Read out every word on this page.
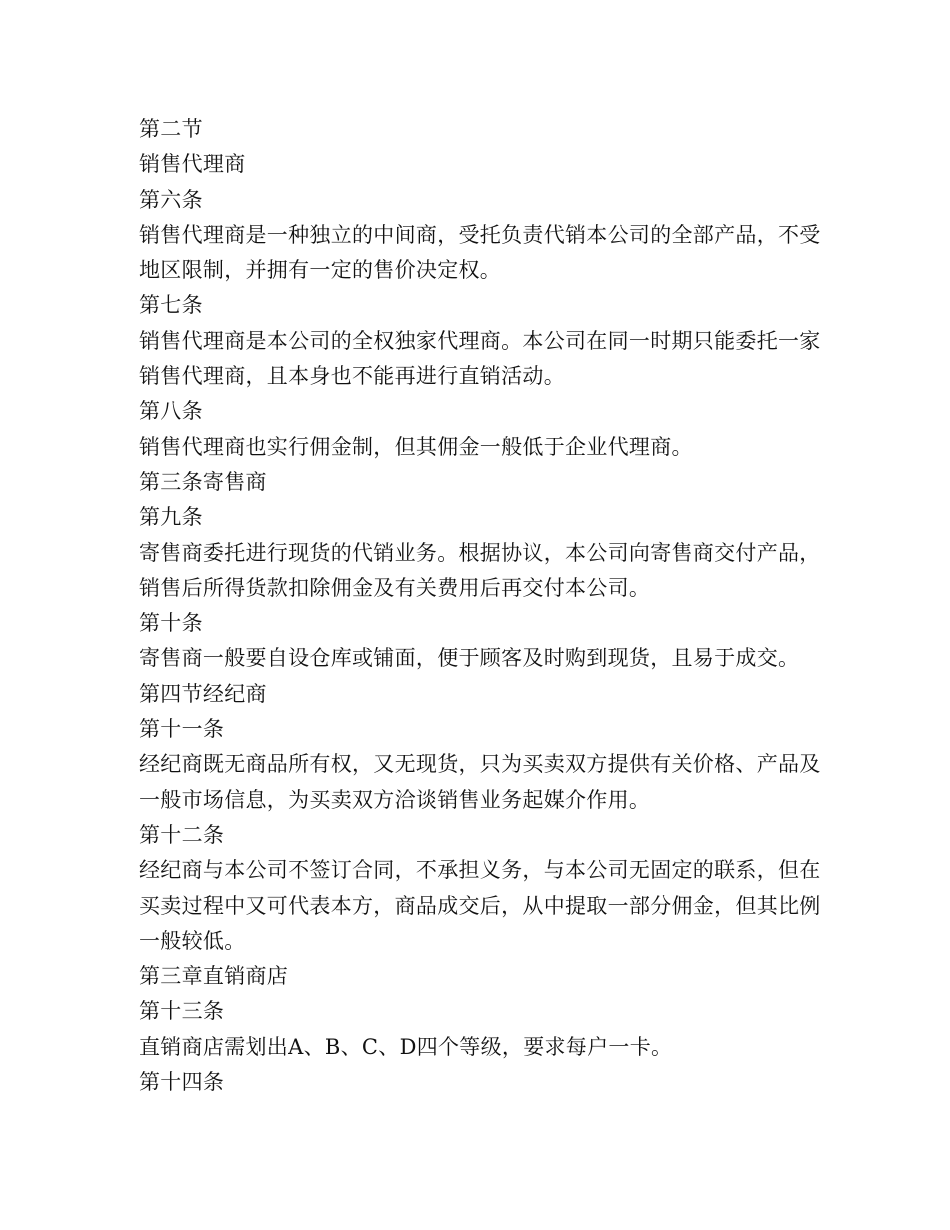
第二节

销售代理商

第六条

销售代理商是一种独立的中间商，受托负责代销本公司的全部产品，不受地区限制，并拥有一定的售价决定权。

第七条

销售代理商是本公司的全权独家代理商。本公司在同一时期只能委托一家销售代理商，且本身也不能再进行直销活动。

第八条

销售代理商也实行佣金制，但其佣金一般低于企业代理商。

第三条寄售商

第九条

寄售商委托进行现货的代销业务。根据协议，本公司向寄售商交付产品，销售后所得货款扣除佣金及有关费用后再交付本公司。

第十条

寄售商一般要自设仓库或铺面，便于顾客及时购到现货，且易于成交。

第四节经纪商

第十一条

经纪商既无商品所有权，又无现货，只为买卖双方提供有关价格、产品及一般市场信息，为买卖双方洽谈销售业务起媒介作用。

第十二条

经纪商与本公司不签订合同，不承担义务，与本公司无固定的联系，但在买卖过程中又可代表本方，商品成交后，从中提取一部分佣金，但其比例一般较低。

第三章直销商店

第十三条

直销商店需划出A、B、C、D四个等级，要求每户一卡。

第十四条
